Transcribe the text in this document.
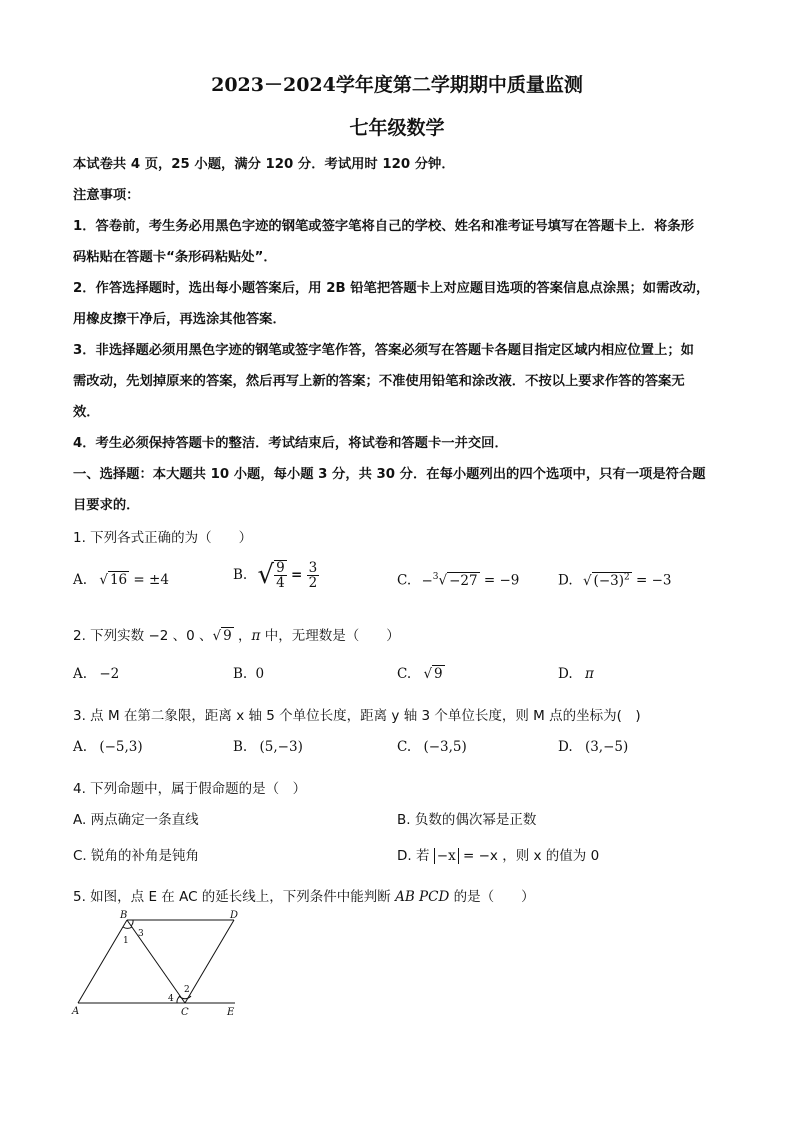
2023－2024学年度第二学期期中质量监测
七年级数学
本试卷共 4 页，25 小题，满分 120 分．考试用时 120 分钟．
注意事项：
1．答卷前，考生务必用黑色字迹的钢笔或签字笔将自己的学校、姓名和准考证号填写在答题卡上．将条形
码粘贴在答题卡“条形码粘贴处”．
2．作答选择题时，选出每小题答案后，用 2B 铅笔把答题卡上对应题目选项的答案信息点涂黑；如需改动，
用橡皮擦干净后，再选涂其他答案．
3．非选择题必须用黑色字迹的钢笔或签字笔作答，答案必须写在答题卡各题目指定区域内相应位置上；如
需改动，先划掉原来的答案，然后再写上新的答案；不准使用铅笔和涂改液．不按以上要求作答的答案无
效．
4．考生必须保持答题卡的整洁．考试结束后，将试卷和答题卡一并交回．
一、选择题：本大题共 10 小题，每小题 3 分，共 30 分．在每小题列出的四个选项中，只有一项是符合题
目要求的．
1. 下列各式正确的为（　　）
A. √ 16 = ±4	B. √ $\frac{9}{4} = \frac{3}{2}$	C. −$^3$√ −27 = −9	D. √ $(-3)^2 = -3$
2. 下列实数 −2 、0 、√ 9 ，π 中，无理数是（　　）
A. −2	B. 0	C. √ 9	D. π
3. 点 M 在第二象限，距离 x 轴 5 个单位长度，距离 y 轴 3 个单位长度，则 M 点的坐标为(　)
A. (−5,3)	B. (5,−3)	C. (−3,5)	D. (3,−5)
4. 下列命题中，属于假命题的是（　）
A. 两点确定一条直线	B. 负数的偶次幂是正数
C. 锐角的补角是钝角	D. 若 −x = −x ，则 x 的值为 0
5. 如图，点 E 在 AC 的延长线上，下列条件中能判断 AB PCD 的是（　　）
B	D
A	C	E
1
2
3
4
